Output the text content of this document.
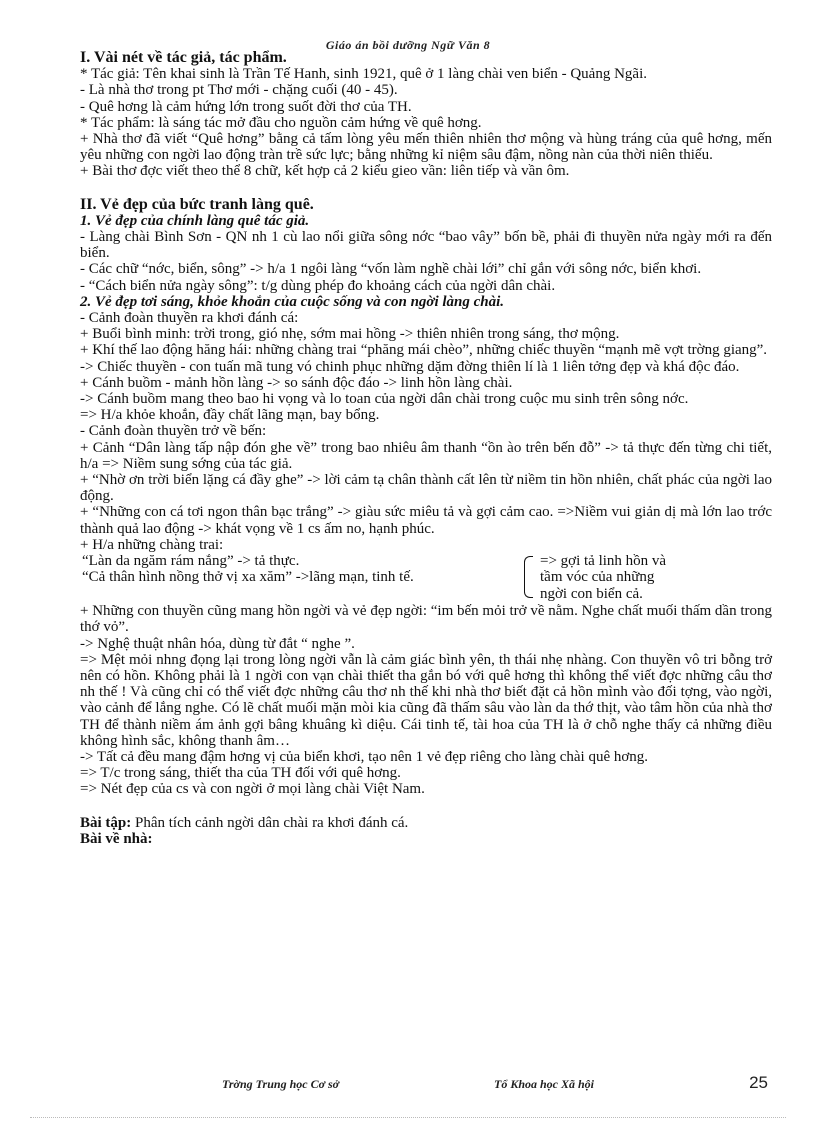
Giáo án bồi dưỡng Ngữ Văn 8

I. Vài nét về tác giả, tác phẩm.

* Tác giả: Tên khai sinh là Trần Tế Hanh, sinh 1921, quê ở 1 làng chài ven biển - Quảng Ngãi.

- Là nhà thơ trong pt Thơ mới - chặng cuối (40 - 45).

- Quê hơng là cảm hứng lớn trong suốt đời thơ của TH.

* Tác phẩm: là sáng tác mở đầu cho nguồn cảm hứng về quê hơng.

+ Nhà thơ đã viết “Quê hơng” bằng cả tấm lòng yêu mến thiên nhiên thơ mộng và hùng tráng của quê hơng, mến yêu những con ngời lao động tràn trề sức lực; bằng những kỉ niệm sâu đậm, nồng nàn của thời niên thiếu.

+ Bài thơ đợc viết theo thể 8 chữ, kết hợp cả 2 kiểu gieo vần: liên tiếp và vần ôm.

II. Vẻ đẹp của bức tranh làng quê.

1. Vẻ đẹp của chính làng quê tác giả.

- Làng chài Bình Sơn - QN nh 1 cù lao nổi giữa sông nớc “bao vây” bốn bề, phải đi thuyền nửa ngày mới ra đến biển.

- Các chữ “nớc, biển, sông” -> h/a 1 ngôi làng “vốn làm nghề chài lới” chỉ gắn với sông nớc, biển khơi.

- “Cách biển nửa ngày sông”: t/g dùng phép đo khoảng cách của ngời dân chài.

2. Vẻ đẹp tơi sáng, khỏe khoắn của cuộc sống và con ngời làng chài.

- Cảnh đoàn thuyền ra khơi đánh cá:

+ Buổi bình minh: trời trong, gió nhẹ, sớm mai hồng -> thiên nhiên trong sáng, thơ mộng.

+ Khí thế lao động hăng hái: những chàng trai “phăng mái chèo”, những chiếc thuyền “mạnh mẽ vợt trờng giang”.

-> Chiếc thuyền - con tuấn mã tung vó chinh phục những dặm đờng thiên lí là 1 liên tởng đẹp và khá độc đáo.

+ Cánh buồm - mảnh hồn làng -> so sánh độc đáo -> linh hồn làng chài.

-> Cánh buồm mang theo bao hi vọng và lo toan của ngời dân chài trong cuộc mu sinh trên sông nớc.

=> H/a khỏe khoắn, đầy chất lãng mạn, bay bổng.

- Cảnh đoàn thuyền trở về bến:

+ Cảnh “Dân làng tấp nập đón ghe về” trong bao nhiêu âm thanh “ồn ào trên bến đỗ” -> tả thực đến từng chi tiết, h/a => Niềm sung sớng của tác giả.

+ “Nhờ ơn trời biển lặng cá đầy ghe” -> lời cảm tạ chân thành cất lên từ niềm tin hồn nhiên, chất phác của ngời lao động.

+ “Những con cá tơi ngon thân bạc trắng” -> giàu sức miêu tả và gợi cảm cao. =>Niềm vui giản dị mà lớn lao trớc thành quả lao động -> khát vọng về 1 cs ấm no, hạnh phúc.

+ H/a những chàng trai:

“Làn da ngăm rám nắng” -> tả thực.

“Cả thân hình nồng thở vị xa xăm” ->lãng mạn, tinh tế.

=> gợi tả linh hồn và

tầm vóc của những

ngời con biển cả.

+ Những con thuyền cũng mang hồn ngời và vẻ đẹp ngời: “im bến mỏi trở về nằm. Nghe chất muối thấm dần trong thớ vỏ”.

-> Nghệ thuật nhân hóa, dùng từ đắt “ nghe ”.

=> Mệt mỏi nhng đọng lại trong lòng ngời vẫn là cảm giác bình yên, th thái nhẹ nhàng. Con thuyền vô tri bỗng trở nên có hồn. Không phải là 1 ngời con vạn chài thiết tha gắn bó với quê hơng thì không thể viết đợc những câu thơ nh thế ! Và cũng chỉ có thể viết đợc những câu thơ nh thế khi nhà thơ biết đặt cả hồn mình vào đối tợng, vào ngời, vào cảnh để lắng nghe. Có lẽ chất muối mặn mòi kia cũng đã thấm sâu vào làn da thớ thịt, vào tâm hồn của nhà thơ TH để thành niềm ám ảnh gợi bâng khuâng kì diệu. Cái tinh tế, tài hoa của TH là ở chỗ nghe thấy cả những điều không hình sắc, không thanh âm…

-> Tất cả đều mang đậm hơng vị của biển khơi, tạo nên 1 vẻ đẹp riêng cho làng chài quê hơng.

=> T/c trong sáng, thiết tha của TH đối với quê hơng.

=> Nét đẹp của cs và con ngời ở mọi làng chài Việt Nam.

Bài tập: Phân tích cảnh ngời dân chài ra khơi đánh cá.

Bài về nhà:

Trờng Trung học Cơ sở	Tổ Khoa học Xã hội	25
